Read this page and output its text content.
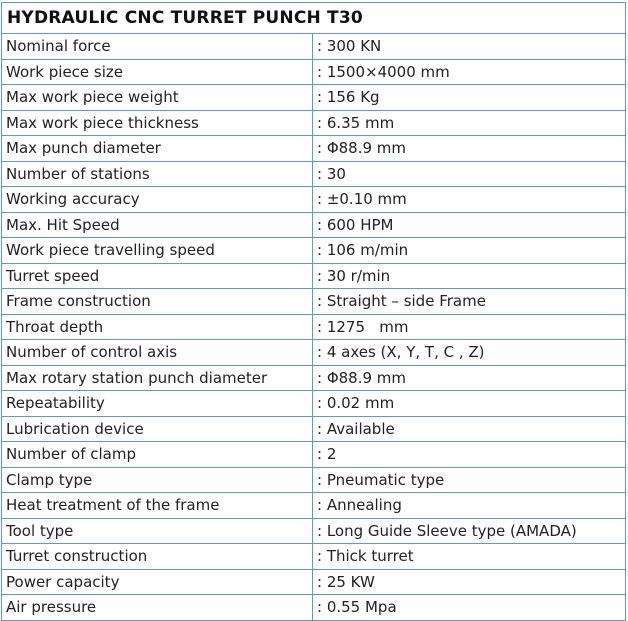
HYDRAULIC CNC TURRET PUNCH T30	
Nominal force	: 300 KN
Work piece size	: 1500×4000 mm
Max work piece weight	: 156 Kg
Max work piece thickness	: 6.35 mm
Max punch diameter	: Φ88.9 mm
Number of stations	: 30
Working accuracy	: ±0.10 mm
Max. Hit Speed	: 600 HPM
Work piece travelling speed	: 106 m/min
Turret speed	: 30 r/min
Frame construction	: Straight – side Frame
Throat depth	: 1275   mm
Number of control axis	: 4 axes (X, Y, T, C , Z)
Max rotary station punch diameter	: Φ88.9 mm
Repeatability	: 0.02 mm
Lubrication device	: Available
Number of clamp	: 2
Clamp type	: Pneumatic type
Heat treatment of the frame	: Annealing
Tool type	: Long Guide Sleeve type (AMADA)
Turret construction	: Thick turret
Power capacity	: 25 KW
Air pressure	: 0.55 Mpa
